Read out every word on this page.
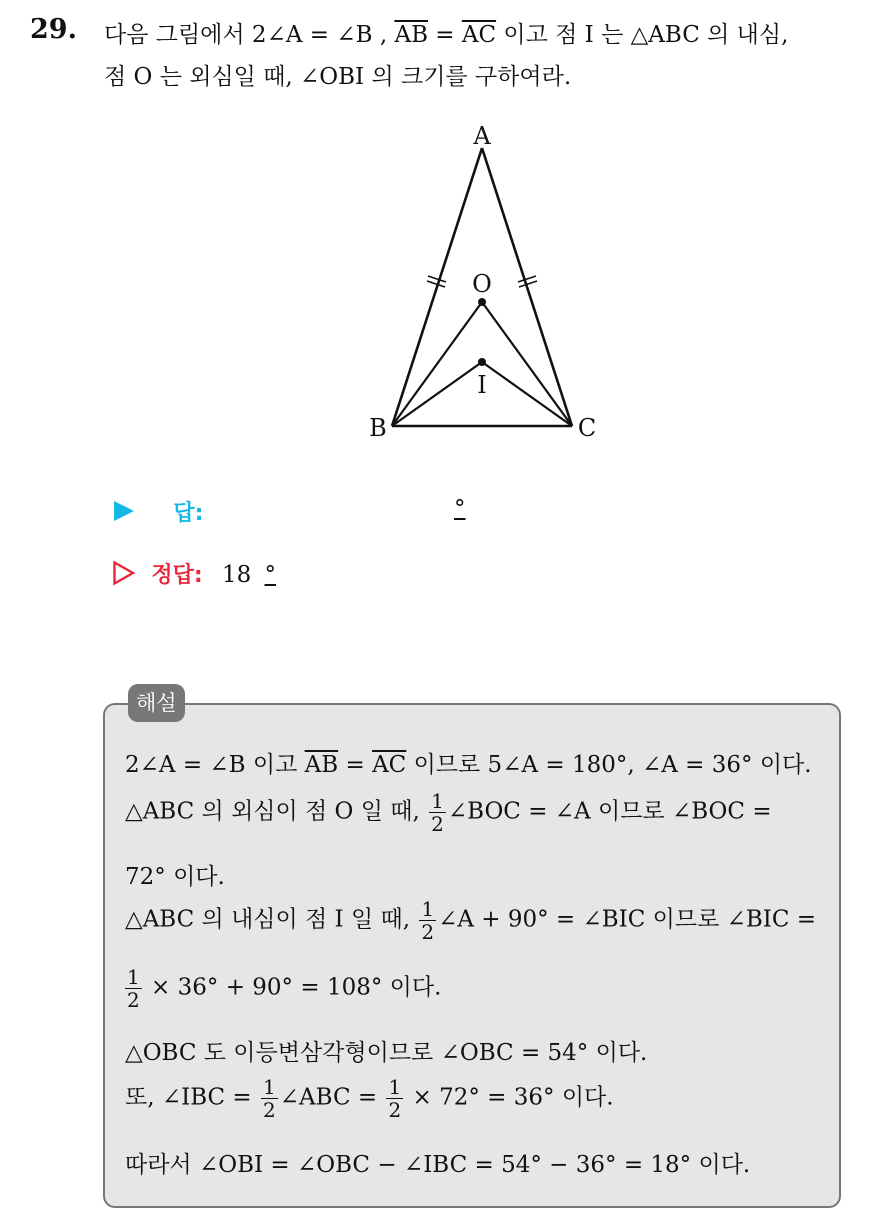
29. 다음 그림에서 2∠A = ∠B , $\overline{AB} = \overline{AC}$ 이고 점 I 는 △ABC 의 내심,
점 O 는 외심일 때, ∠OBI 의 크기를 구하여라.
A
B	C
O
I
답:	°
정답: 18 °
해설
2∠A = ∠B 이고 $\overline{AB} = \overline{AC}$ 이므로 5∠A = 180°, ∠A = 36° 이다.
△ABC 의 외심이 점 O 일 때, $\frac{1}{2}$ ∠BOC = ∠A 이므로 ∠BOC =
72° 이다.
△ABC 의 내심이 점 I 일 때, $\frac{1}{2}$ ∠A + 90° = ∠BIC 이므로 ∠BIC =
$\frac{1}{2} \times 36^\circ + 90^\circ = 108^\circ$ 이다.
△OBC 도 이등변삼각형이므로 ∠OBC = 54° 이다.
또, ∠IBC = $\frac{1}{2}$ ∠ABC = $\frac{1}{2} \times 72^\circ = 36^\circ$ 이다.
따라서 ∠OBI = ∠OBC − ∠IBC = 54° − 36° = 18° 이다.
